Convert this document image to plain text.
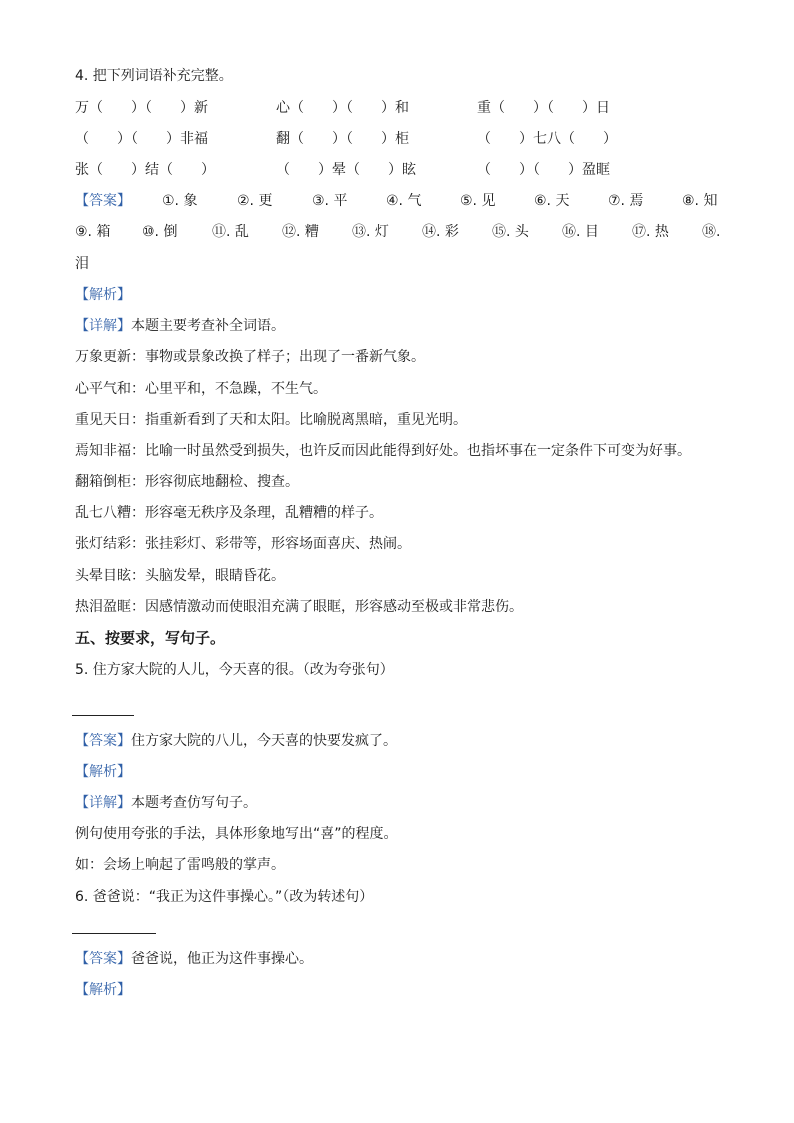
4. 把下列词语补充完整。
万（　　）（　　）新	心（　　）（　　）和	重（　　）（　　）日
（　　）（　　）非福	翻（　　）（　　）柜	（　　）七八（　　）
张（　　）结（　　）	（　　）晕（　　）眩	（　　）（　　）盈眶
【答案】 ①. 象	②. 更	③. 平	④. 气	⑤. 见	⑥. 天	⑦. 焉	⑧. 知
⑨. 箱 ⑩. 倒 ⑪. 乱 ⑫. 糟 ⑬. 灯 ⑭. 彩 ⑮. 头 ⑯. 目 ⑰. 热 ⑱.
泪
【解析】
【详解】本题主要考查补全词语。
万象更新：事物或景象改换了样子；出现了一番新气象。
心平气和：心里平和，不急躁，不生气。
重见天日：指重新看到了天和太阳。比喻脱离黑暗，重见光明。
焉知非福：比喻一时虽然受到损失，也许反而因此能得到好处。也指坏事在一定条件下可变为好事。
翻箱倒柜：形容彻底地翻检、搜查。
乱七八糟：形容毫无秩序及条理，乱糟糟的样子。
张灯结彩：张挂彩灯、彩带等，形容场面喜庆、热闹。
头晕目眩：头脑发晕，眼睛昏花。
热泪盈眶：因感情激动而使眼泪充满了眼眶，形容感动至极或非常悲伤。
五、按要求，写句子。
5. 住方家大院的人儿，今天喜的很。（改为夸张句）
【答案】住方家大院的八儿，今天喜的快要发疯了。
【解析】
【详解】本题考查仿写句子。
例句使用夸张的手法，具体形象地写出“喜”的程度。
如：会场上响起了雷鸣般的掌声。
6. 爸爸说：“我正为这件事操心。”（改为转述句）
【答案】爸爸说，他正为这件事操心。
【解析】
